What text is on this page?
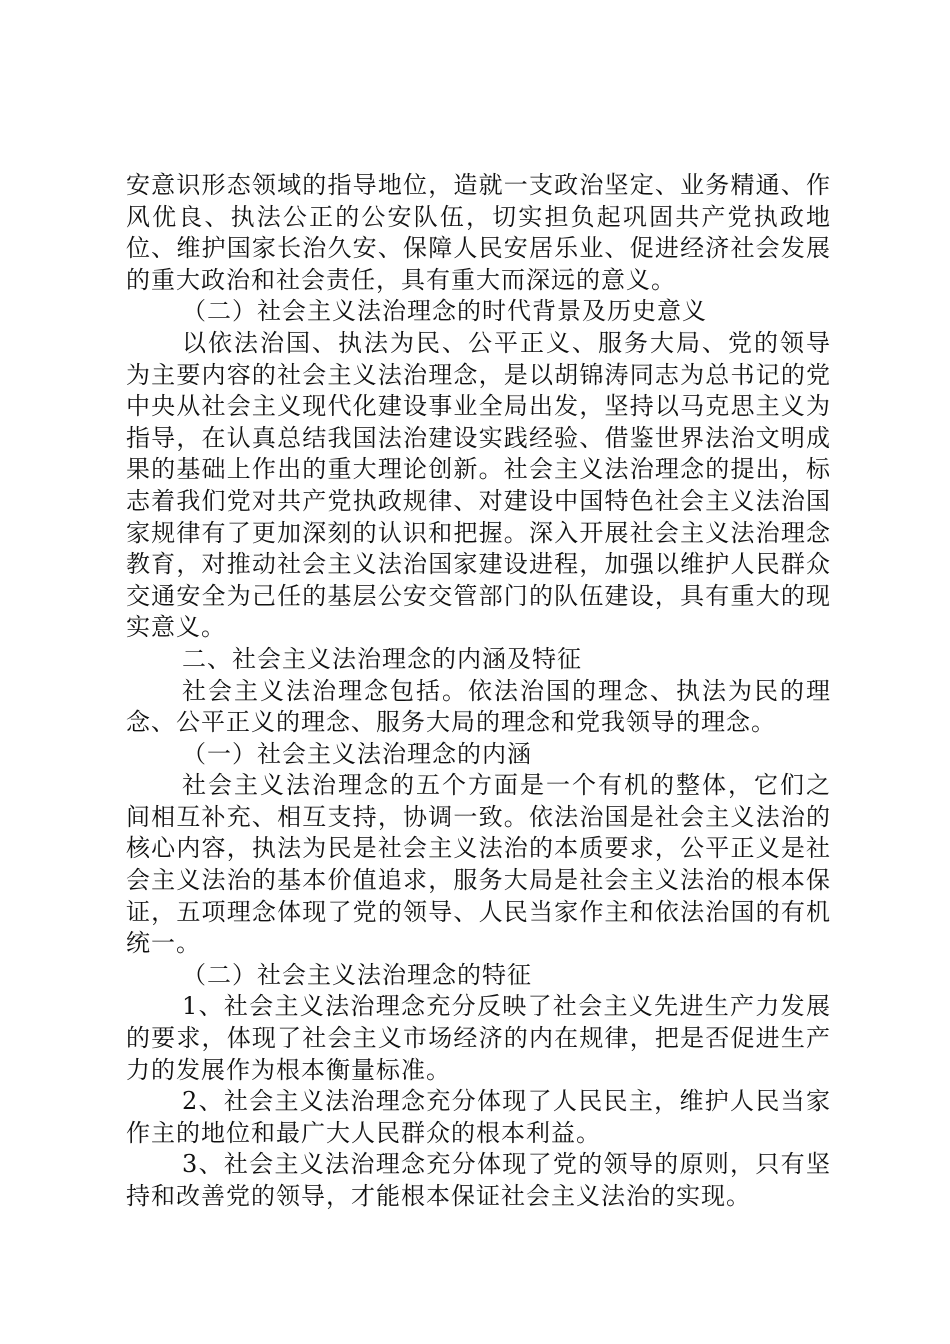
安意识形态领域的指导地位，造就一支政治坚定、业务精通、作风优良、执法公正的公安队伍，切实担负起巩固共产党执政地位、维护国家长治久安、保障人民安居乐业、促进经济社会发展的重大政治和社会责任，具有重大而深远的意义。

（二）社会主义法治理念的时代背景及历史意义

以依法治国、执法为民、公平正义、服务大局、党的领导为主要内容的社会主义法治理念，是以胡锦涛同志为总书记的党中央从社会主义现代化建设事业全局出发，坚持以马克思主义为指导，在认真总结我国法治建设实践经验、借鉴世界法治文明成果的基础上作出的重大理论创新。社会主义法治理念的提出，标志着我们党对共产党执政规律、对建设中国特色社会主义法治国家规律有了更加深刻的认识和把握。深入开展社会主义法治理念教育，对推动社会主义法治国家建设进程，加强以维护人民群众交通安全为己任的基层公安交管部门的队伍建设，具有重大的现实意义。

二、社会主义法治理念的内涵及特征

社会主义法治理念包括。依法治国的理念、执法为民的理念、公平正义的理念、服务大局的理念和党我领导的理念。

（一）社会主义法治理念的内涵

社会主义法治理念的五个方面是一个有机的整体，它们之间相互补充、相互支持，协调一致。依法治国是社会主义法治的核心内容，执法为民是社会主义法治的本质要求，公平正义是社会主义法治的基本价值追求，服务大局是社会主义法治的根本保证，五项理念体现了党的领导、人民当家作主和依法治国的有机统一。

（二）社会主义法治理念的特征

1、社会主义法治理念充分反映了社会主义先进生产力发展的要求，体现了社会主义市场经济的内在规律，把是否促进生产力的发展作为根本衡量标准。

2、社会主义法治理念充分体现了人民民主，维护人民当家作主的地位和最广大人民群众的根本利益。

3、社会主义法治理念充分体现了党的领导的原则，只有坚持和改善党的领导，才能根本保证社会主义法治的实现。
